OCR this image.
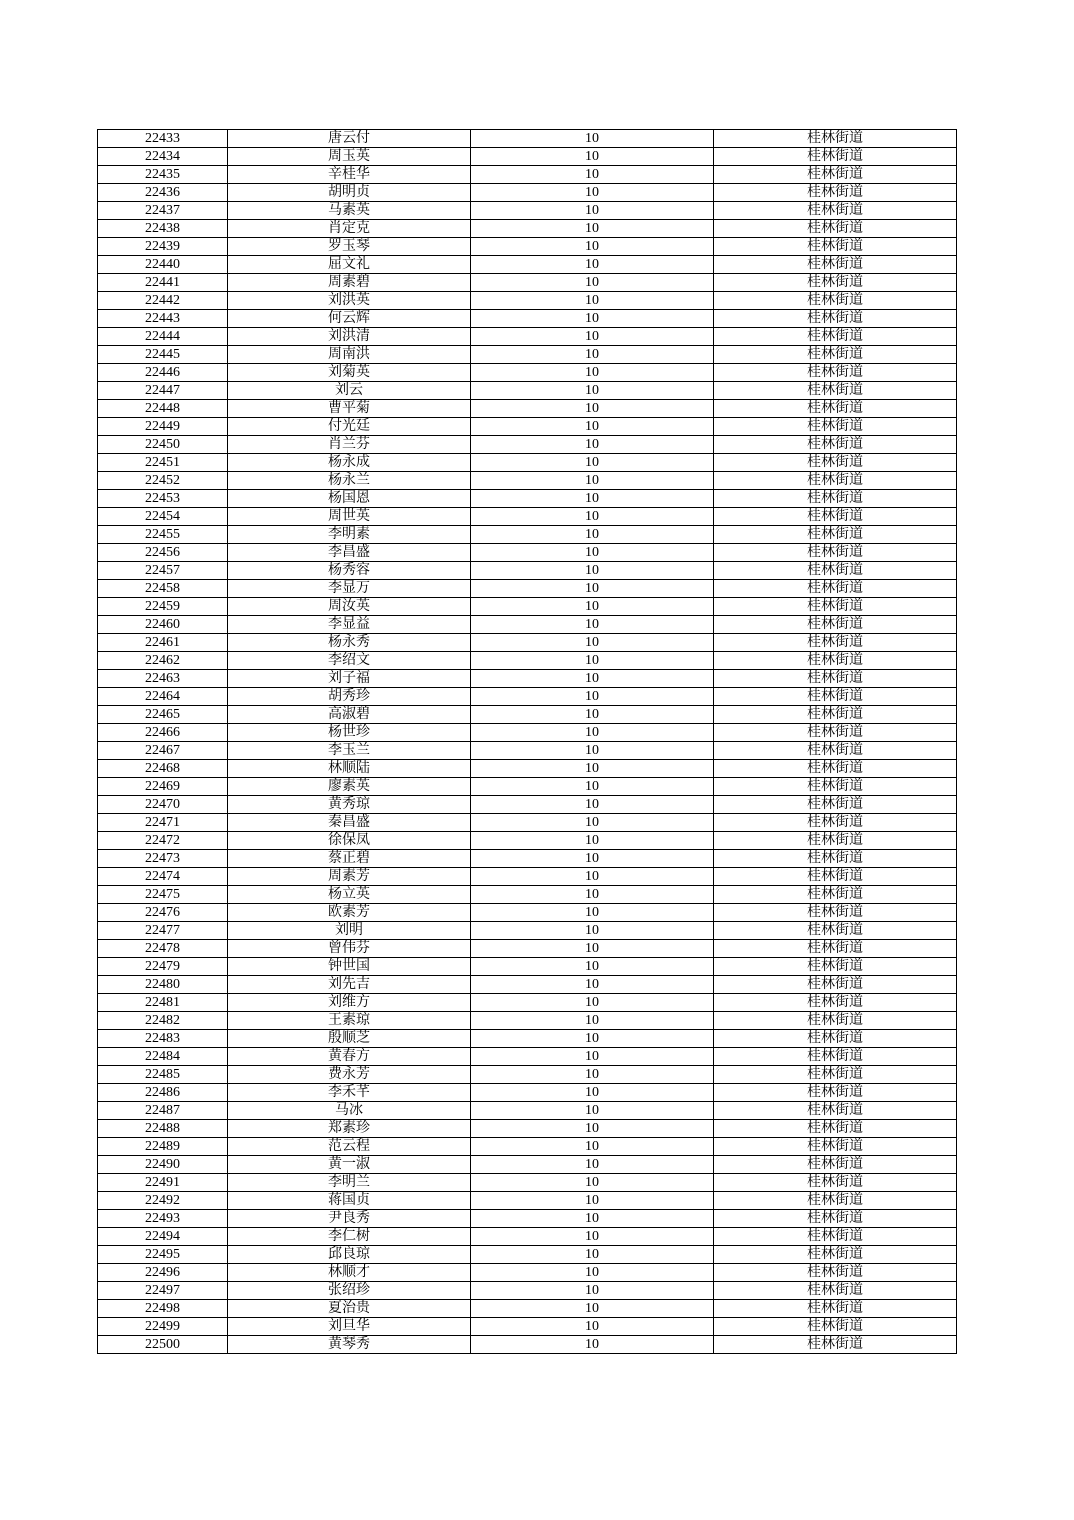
22433	唐云付	10	桂林街道
22434	周玉英	10	桂林街道
22435	辛桂华	10	桂林街道
22436	胡明贞	10	桂林街道
22437	马素英	10	桂林街道
22438	肖定克	10	桂林街道
22439	罗玉琴	10	桂林街道
22440	屈文礼	10	桂林街道
22441	周素碧	10	桂林街道
22442	刘洪英	10	桂林街道
22443	何云辉	10	桂林街道
22444	刘洪清	10	桂林街道
22445	周南洪	10	桂林街道
22446	刘菊英	10	桂林街道
22447	刘云	10	桂林街道
22448	曹平菊	10	桂林街道
22449	付光廷	10	桂林街道
22450	肖兰芬	10	桂林街道
22451	杨永成	10	桂林街道
22452	杨永兰	10	桂林街道
22453	杨国恩	10	桂林街道
22454	周世英	10	桂林街道
22455	李明素	10	桂林街道
22456	李昌盛	10	桂林街道
22457	杨秀容	10	桂林街道
22458	李显万	10	桂林街道
22459	周汝英	10	桂林街道
22460	李显益	10	桂林街道
22461	杨永秀	10	桂林街道
22462	李绍文	10	桂林街道
22463	刘子福	10	桂林街道
22464	胡秀珍	10	桂林街道
22465	高淑碧	10	桂林街道
22466	杨世珍	10	桂林街道
22467	李玉兰	10	桂林街道
22468	林顺陆	10	桂林街道
22469	廖素英	10	桂林街道
22470	黄秀琼	10	桂林街道
22471	秦昌盛	10	桂林街道
22472	徐保凤	10	桂林街道
22473	蔡正碧	10	桂林街道
22474	周素芳	10	桂林街道
22475	杨立英	10	桂林街道
22476	欧素芳	10	桂林街道
22477	刘明	10	桂林街道
22478	曾伟芬	10	桂林街道
22479	钟世国	10	桂林街道
22480	刘先吉	10	桂林街道
22481	刘维方	10	桂林街道
22482	王素琼	10	桂林街道
22483	殷顺芝	10	桂林街道
22484	黄春方	10	桂林街道
22485	费永芳	10	桂林街道
22486	李禾芊	10	桂林街道
22487	马冰	10	桂林街道
22488	郑素珍	10	桂林街道
22489	范云程	10	桂林街道
22490	黄一淑	10	桂林街道
22491	李明兰	10	桂林街道
22492	蒋国贞	10	桂林街道
22493	尹良秀	10	桂林街道
22494	李仁树	10	桂林街道
22495	邱良琼	10	桂林街道
22496	林顺才	10	桂林街道
22497	张绍珍	10	桂林街道
22498	夏治贵	10	桂林街道
22499	刘旦华	10	桂林街道
22500	黄琴秀	10	桂林街道
